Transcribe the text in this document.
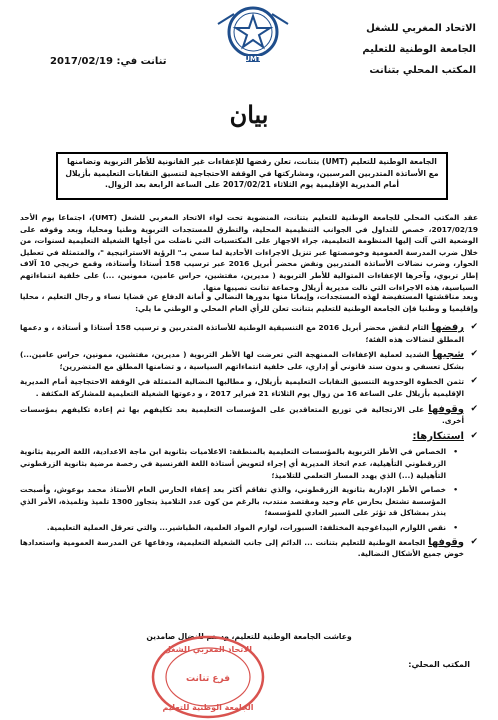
الاتحاد المغربي للشغل
الجامعة الوطنية للتعليم
المكتب المحلي بتنانت
UMT
تنانت في: 2017/02/19
بيان
الجامعة الوطنية للتعليم (UMT) بتنانت، تعلن رفضها للإعفاءات غير القانونية للأطر التربوية وتضامنها مع الأساتذة المتدربين المرسبين، ومشاركتها في الوقفة الاحتجاجية لتنسيق النقابات التعليمية بأزيلال أمام المديرية الإقليمية يوم الثلاثاء 2017/02/21 على الساعة الرابعة بعد الزوال.
عقد المكتب المحلي للجامعة الوطنية للتعليم بتنانت، المنضوية تحت لواء الاتحاد المغربي للشغل (UMT)، اجتماعا يوم الأحد 2017/02/19، خصص للتداول في الجوانب التنظيمية المحلية، والتطرق للمستجدات التربوية وطنيا ومحليا، وبعد وقوفه على الوضعية التي آلت إليها المنظومة التعليمية، جراء الاجهاز على المكتسبات التي ناضلت من أجلها الشغيلة التعليمية لسنوات، من خلال ضرب المدرسة العمومية وخوصصتها عبر تنزيل الاجراءات الأحادية لما سمي بـ" الرؤية الاستراتيجية "، والمتمثلة في تعطيل الحوار، وضرب نضالات الأساتذة المتدربين ونقض محضر أبريل 2016 عبر ترسيب 158 أستاذا وأستاذة، وقمع خريجي 10 آلاف إطار تربوي، وآخرها الإعفاءات المتوالية للأطر التربوية ( مديرين، مفتشين، حراس عامين، ممونين، ...) على خلفية انتماءاتهم السياسية، هذه الاجراءات التي نالت مديرية أزيلال وجماعة تنانت نصيبها منها.
وبعد مناقشتها المستفيضة لهذه المستجدات، وإيمانا منها بدورها النضالي و أمانة الدفاع عن قضايا نساء و رجال التعليم ، محليا وإقليميا و وطنيا فإن الجامعة الوطنية للتعليم بتنانت تعلن للرأي العام المحلي و الوطني ما يلي:
✔
رفضها التام لنقض محضر أبريل 2016 مع التنسيقية الوطنية للأساتذة المتدربين و ترسيب 158 أستاذا و أستاذة ، و دعمها المطلق لنضالات هذه الفئة؛
✔
شجبها الشديد لعملية الإعفاءات الممنهجة التي تعرضت لها الأطر التربوية ( مديرين، مفتشين، ممونين، حراس عامين...) بشكل تعسفي و بدون سند قانوني أو إداري، على خلفية انتماءاتهم السياسية ، و تضامنها المطلق مع المتضررين؛
✔
تثمن الخطوة الوحدوية التنسيق النقابات التعليمية بأزيلال، و مطالبها النضالية المتمثلة في الوقفة الاحتجاجية أمام المديرية الإقليمية بأزيلال على الساعة 16 من زوال يوم الثلاثاء 21 فبراير 2017 ، و دعوتها الشغيلة التعليمية للمشاركة المكثفة .
✔
وقوفها على الارتجالية في توزيع المتعاقدين على المؤسسات التعليمية بعد تكليفهم بها ثم إعادة تكليفهم بمؤسسات أخرى.
✔
استنكارها:
•
الخصاص في الأطر التربوية بالمؤسسات التعليمية بالمنطقة: الاعلاميات بثانوية ابن ماجة الاعدادية، اللغة العربية بثانوية الزرقطوني التأهيلية، عدم اتخاذ المديرية أي إجراء لتعويض أستاذة اللغة الفرنسية في رخصة مرضية بثانوية الزرقطوني التأهيلية (...) الذي يهدد المسار التعلمي للتلاميذ؛
•
خصاص الأطر الإدارية بثانوية الزرقطوني، والذي تفاقم أكثر بعد إعفاء الحارس العام الأستاذ محمد بوعوش، وأصبحت المؤسسة تشتغل بحارس عام وحيد ومقتصد منتدب، بالرغم من كون عدد التلاميذ يتجاوز 1300 تلميذ وتلميذة، الأمر الذي ينذر بمشاكل قد تؤثر على السير العادي للمؤسسة؛
•
نقص اللوازم البيداغوجية المختلفة: السبورات، لوازم المواد العلمية، الطباشير... والتي تعرقل العملية التعليمية.
✔
وقوفها الجامعة الوطنية للتعليم بتنانت ... الدائم إلى جانب الشغيلة التعليمية، ودفاعها عن المدرسة العمومية واستعدادها خوض جميع الأشكال النضالية.
وعاشت الجامعة الوطنية للتعليم، ودمتم للنضال صامدين
المكتب المحلي:
الاتحاد المغربي للشغل
فرع تنانت
الجامعة الوطنية للتعليم
